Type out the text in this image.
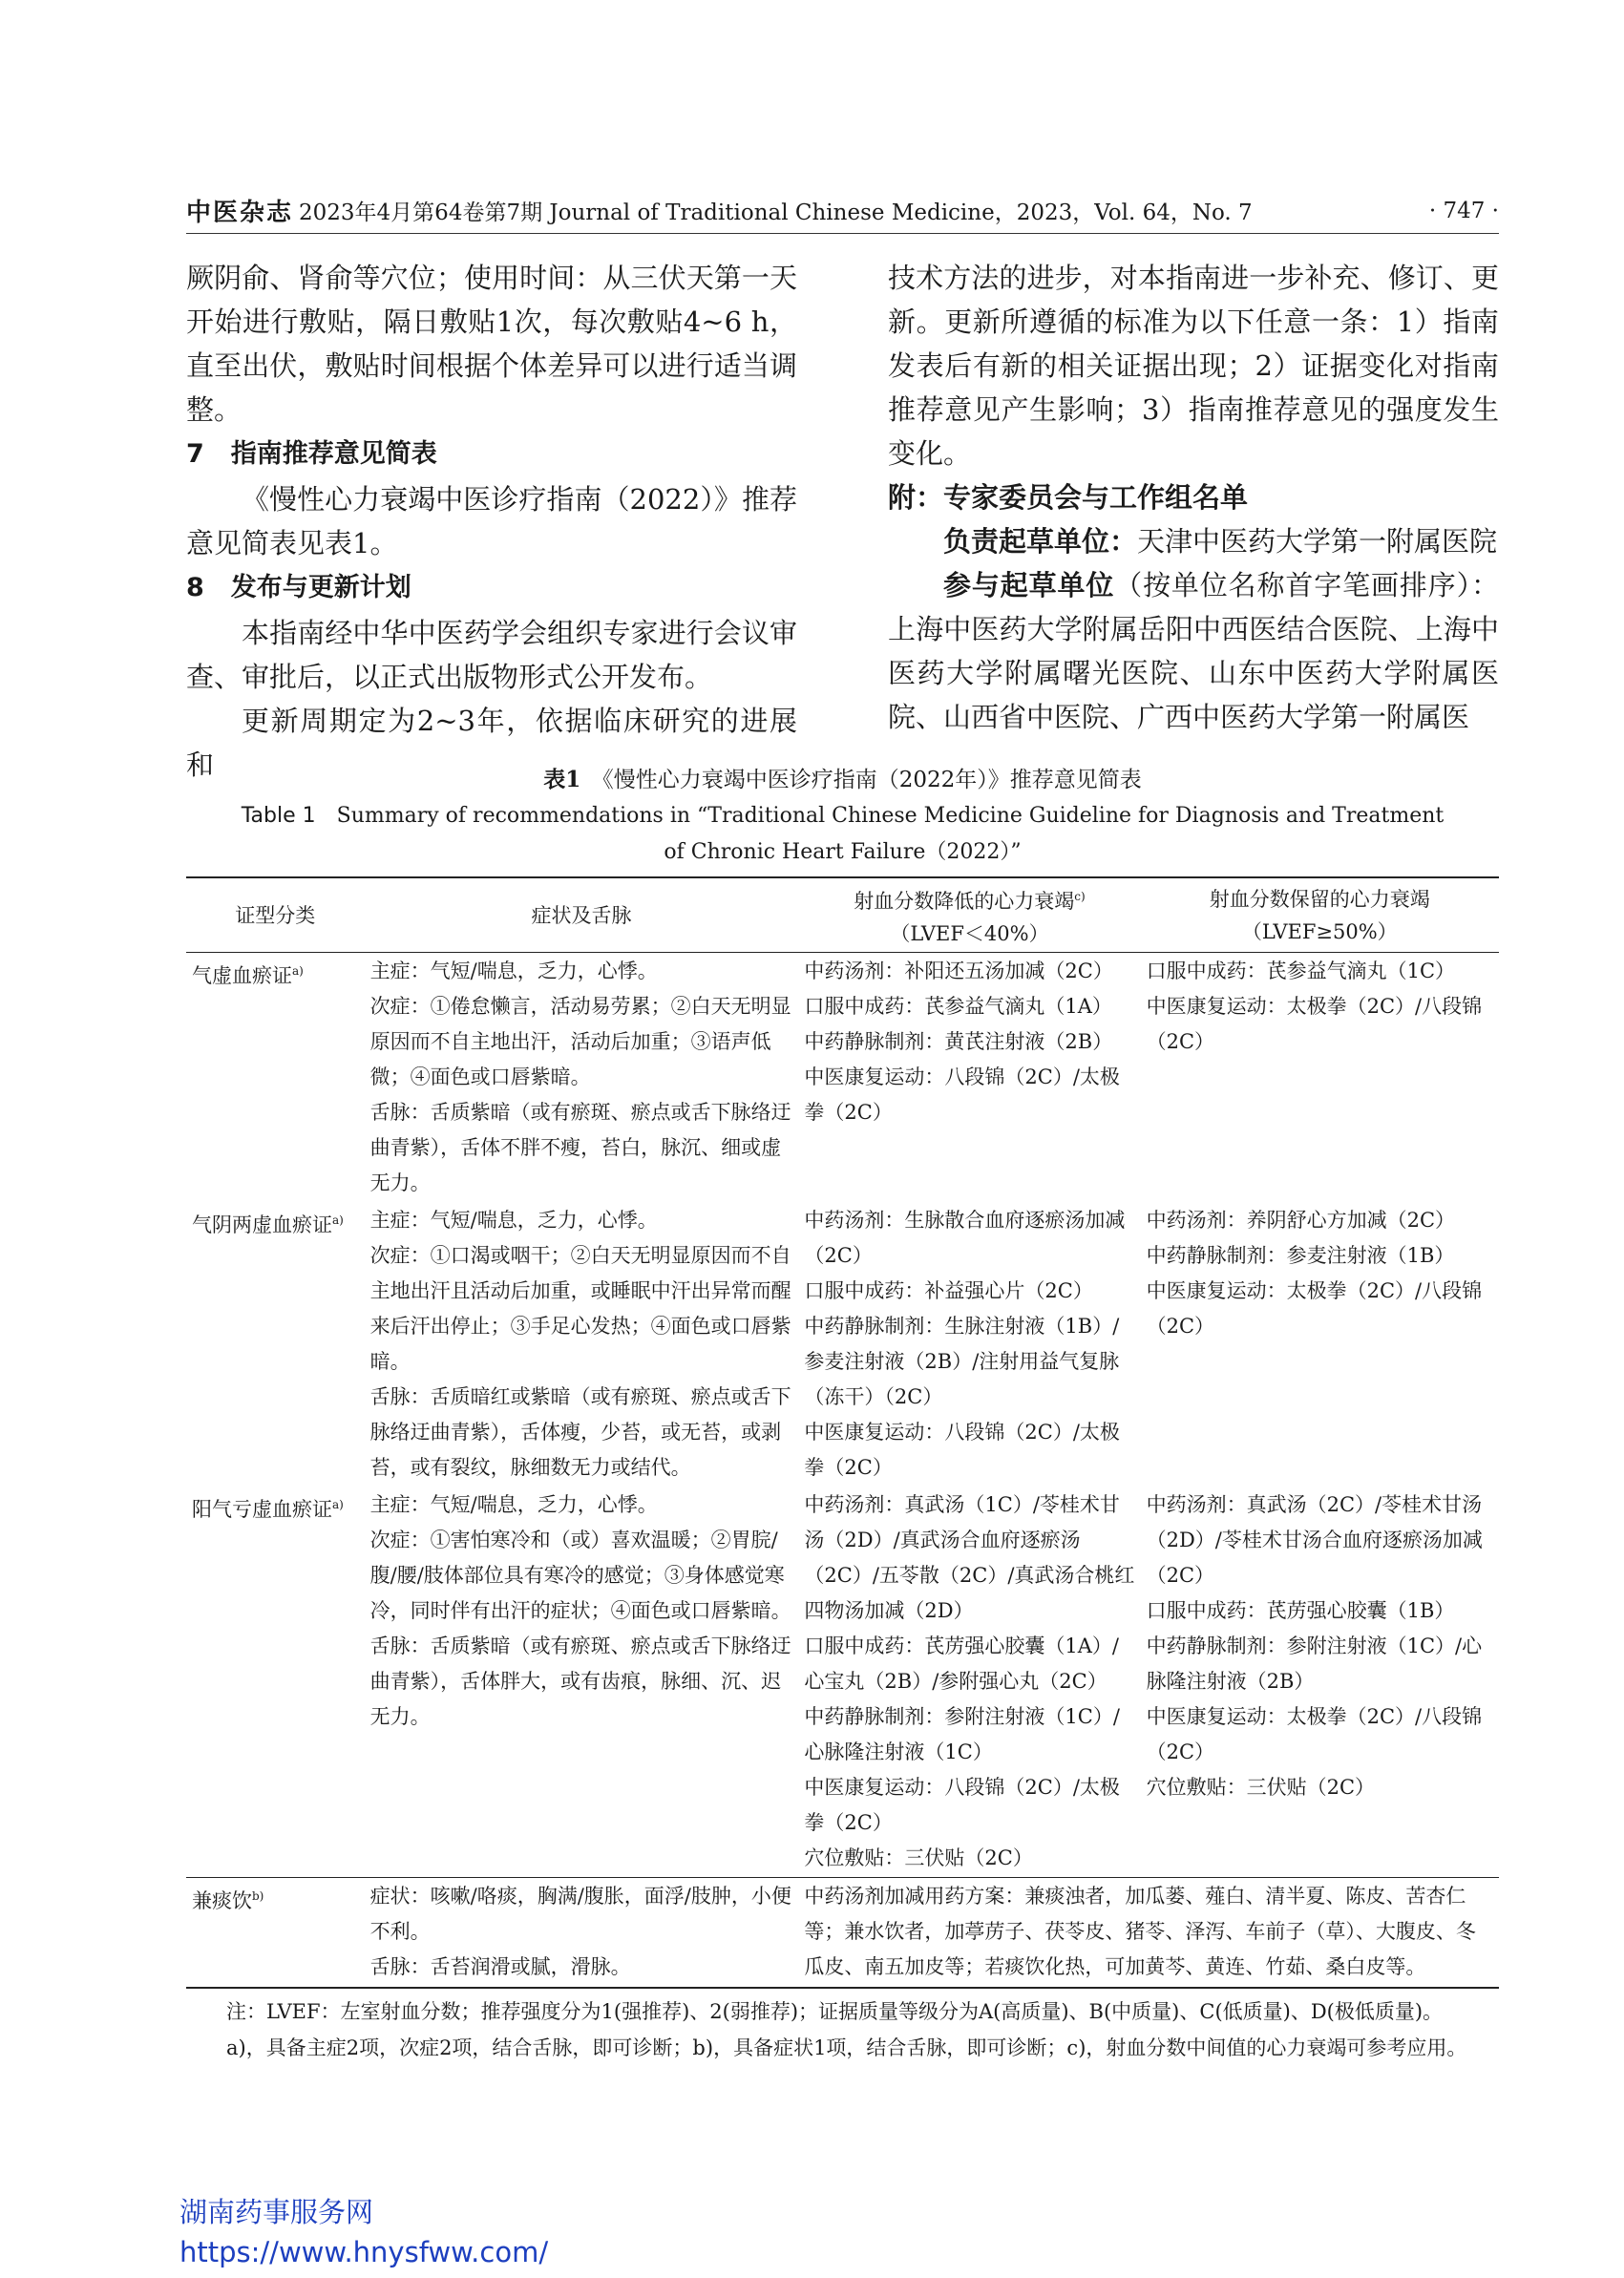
中医杂志 2023年4月第64卷第7期 Journal of Traditional Chinese Medicine，2023，Vol. 64，No. 7	· 747 ·

厥阴俞、肾俞等穴位；使用时间：从三伏天第一天开始进行敷贴，隔日敷贴1次，每次敷贴4~6 h，直至出伏，敷贴时间根据个体差异可以进行适当调整。

7 指南推荐意见简表

《慢性心力衰竭中医诊疗指南（2022）》推荐意见简表见表1。

8 发布与更新计划

本指南经中华中医药学会组织专家进行会议审查、审批后，以正式出版物形式公开发布。

更新周期定为2~3年，依据临床研究的进展和

技术方法的进步，对本指南进一步补充、修订、更新。更新所遵循的标准为以下任意一条：1）指南发表后有新的相关证据出现；2）证据变化对指南推荐意见产生影响；3）指南推荐意见的强度发生变化。

附：专家委员会与工作组名单

负责起草单位：天津中医药大学第一附属医院

参与起草单位（按单位名称首字笔画排序）：上海中医药大学附属岳阳中西医结合医院、上海中医药大学附属曙光医院、山东中医药大学附属医院、山西省中医院、广西中医药大学第一附属医

表1　 《慢性心力衰竭中医诊疗指南（2022年）》推荐意见简表
Table 1　 Summary of recommendations in “Traditional Chinese Medicine Guideline for Diagnosis and Treatment
of Chronic Heart Failure（2022）”
证型分类	症状及舌脉	射血分数降低的心力衰竭$^{c)}$
（LVEF＜40%）	射血分数保留的心力衰竭
（LVEF≥50%）

气虚血瘀证$^{a)}$	主症：气短/喘息，乏力，心悸。
次症：①倦怠懒言，活动易劳累；②白天无明显原因而不自主地出汗，活动后加重；③语声低微；④面色或口唇紫暗。
舌脉：舌质紫暗（或有瘀斑、瘀点或舌下脉络迂曲青紫），舌体不胖不瘦，苔白，脉沉、细或虚无力。	中药汤剂：补阳还五汤加减（2C）
口服中成药：芪参益气滴丸（1A）
中药静脉制剂：黄芪注射液（2B）
中医康复运动：八段锦（2C）/太极拳（2C）	口服中成药：芪参益气滴丸（1C）
中医康复运动：太极拳（2C）/八段锦（2C）

气阴两虚血瘀证$^{a)}$	主症：气短/喘息，乏力，心悸。
次症：①口渴或咽干；②白天无明显原因而不自主地出汗且活动后加重，或睡眠中汗出异常而醒来后汗出停止；③手足心发热；④面色或口唇紫暗。
舌脉：舌质暗红或紫暗（或有瘀斑、瘀点或舌下脉络迂曲青紫），舌体瘦，少苔，或无苔，或剥苔，或有裂纹，脉细数无力或结代。	中药汤剂：生脉散合血府逐瘀汤加减（2C）
口服中成药：补益强心片（2C）
中药静脉制剂：生脉注射液（1B）/参麦注射液（2B）/注射用益气复脉（冻干）（2C）
中医康复运动：八段锦（2C）/太极拳（2C）	中药汤剂：养阴舒心方加减（2C）
中药静脉制剂：参麦注射液（1B）
中医康复运动：太极拳（2C）/八段锦（2C）

阳气亏虚血瘀证$^{a)}$	主症：气短/喘息，乏力，心悸。
次症：①害怕寒冷和（或）喜欢温暖；②胃脘/腹/腰/肢体部位具有寒冷的感觉；③身体感觉寒冷，同时伴有出汗的症状；④面色或口唇紫暗。
舌脉：舌质紫暗（或有瘀斑、瘀点或舌下脉络迂曲青紫），舌体胖大，或有齿痕，脉细、沉、迟无力。	中药汤剂：真武汤（1C）/苓桂术甘汤（2D）/真武汤合血府逐瘀汤（2C）/五苓散（2C）/真武汤合桃红四物汤加减（2D）
口服中成药：芪苈强心胶囊（1A）/心宝丸（2B）/参附强心丸（2C）
中药静脉制剂：参附注射液（1C）/心脉隆注射液（1C）
中医康复运动：八段锦（2C）/太极拳（2C）
穴位敷贴：三伏贴（2C）	中药汤剂：真武汤（2C）/苓桂术甘汤（2D）/苓桂术甘汤合血府逐瘀汤加减（2C）
口服中成药：芪苈强心胶囊（1B）
中药静脉制剂：参附注射液（1C）/心脉隆注射液（2B）
中医康复运动：太极拳（2C）/八段锦（2C）
穴位敷贴：三伏贴（2C）

兼痰饮$^{b)}$	症状：咳嗽/咯痰，胸满/腹胀，面浮/肢肿，小便不利。
舌脉：舌苔润滑或腻，滑脉。	中药汤剂加减用药方案：兼痰浊者，加瓜蒌、薤白、清半夏、陈皮、苦杏仁等；兼水饮者，加葶苈子、茯苓皮、猪苓、泽泻、车前子（草）、大腹皮、冬瓜皮、南五加皮等；若痰饮化热，可加黄芩、黄连、竹茹、桑白皮等。	

注：LVEF：左室射血分数；推荐强度分为1(强推荐)、2(弱推荐)；证据质量等级分为A(高质量)、B(中质量)、C(低质量)、D(极低质量)。

a)，具备主症2项，次症2项，结合舌脉，即可诊断；b)，具备症状1项，结合舌脉，即可诊断；c)，射血分数中间值的心力衰竭可参考应用。

湖南药事服务网
https://www.hnysfww.com/
